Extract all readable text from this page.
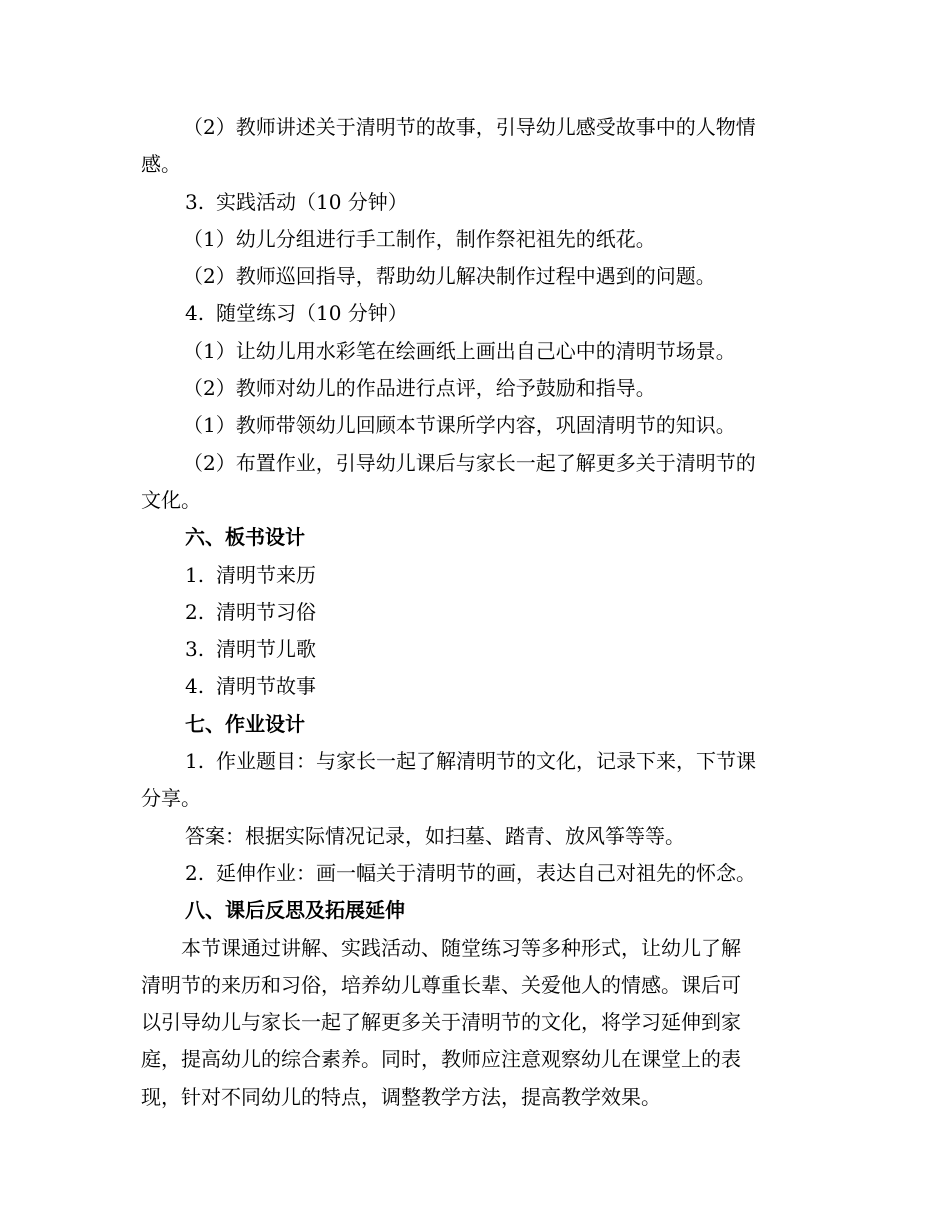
（2）教师讲述关于清明节的故事，引导幼儿感受故事中的人物情
感。
3. 实践活动（10 分钟）
（1）幼儿分组进行手工制作，制作祭祀祖先的纸花。
（2）教师巡回指导，帮助幼儿解决制作过程中遇到的问题。
4. 随堂练习（10 分钟）
（1）让幼儿用水彩笔在绘画纸上画出自己心中的清明节场景。
（2）教师对幼儿的作品进行点评，给予鼓励和指导。
（1）教师带领幼儿回顾本节课所学内容，巩固清明节的知识。
（2）布置作业，引导幼儿课后与家长一起了解更多关于清明节的
文化。
六、板书设计
1. 清明节来历
2. 清明节习俗
3. 清明节儿歌
4. 清明节故事
七、作业设计
1. 作业题目：与家长一起了解清明节的文化，记录下来，下节课
分享。
答案：根据实际情况记录，如扫墓、踏青、放风筝等等。
2. 延伸作业：画一幅关于清明节的画，表达自己对祖先的怀念。
八、课后反思及拓展延伸
本节课通过讲解、实践活动、随堂练习等多种形式，让幼儿了解
清明节的来历和习俗，培养幼儿尊重长辈、关爱他人的情感。课后可
以引导幼儿与家长一起了解更多关于清明节的文化，将学习延伸到家
庭，提高幼儿的综合素养。同时，教师应注意观察幼儿在课堂上的表
现，针对不同幼儿的特点，调整教学方法，提高教学效果。
